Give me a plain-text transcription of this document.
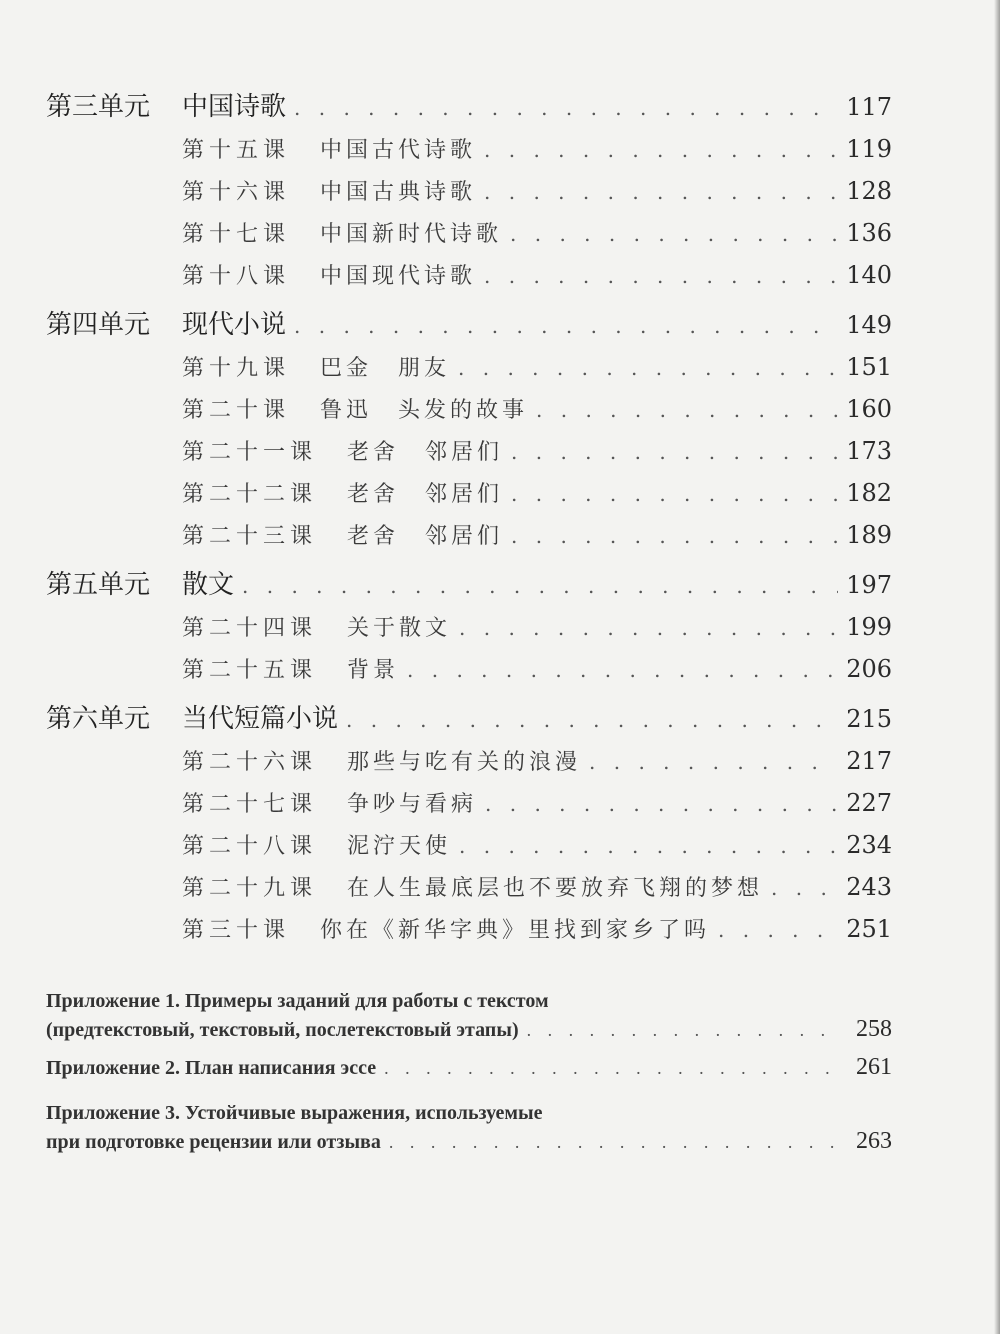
第三单元	中国诗歌 . . .	117
第十五课 中国古代诗歌 . . .	119
第十六课 中国古典诗歌 . . .	128
第十七课 中国新时代诗歌 . . .	136
第十八课 中国现代诗歌 . . .	140
第四单元	现代小说 . . .	149
第十九课 巴金　朋友 . . .	151
第二十课 鲁迅　头发的故事 . . .	160
第二十一课 老舍　邻居们 . . .	173
第二十二课 老舍　邻居们 . . .	182
第二十三课 老舍　邻居们 . . .	189
第五单元	散文 . . .	197
第二十四课 关于散文 . . .	199
第二十五课 背景 . . .	206
第六单元	当代短篇小说 . . .	215
第二十六课 那些与吃有关的浪漫 . . .	217
第二十七课 争吵与看病 . . .	227
第二十八课 泥泞天使 . . .	234
第二十九课 在人生最底层也不要放弃飞翔的梦想 . . .	243
第三十课 你在《新华字典》里找到家乡了吗 . . .	251
Приложение 1. Примеры заданий для работы с текстом
(предтекстовый, текстовый, послетекстовый этапы) . . .	258
Приложение 2. План написания эссе . . .	261
Приложение 3. Устойчивые выражения, используемые
при подготовке рецензии или отзыва . . .	263
